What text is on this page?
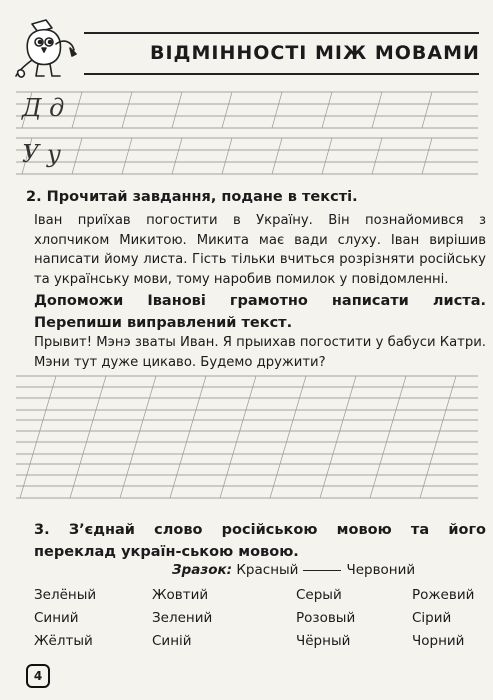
ВІДМІННОСТІ МІЖ МОВАМИ
Д д
У у
2. Прочитай завдання, подане в тексті.
Іван приїхав погостити в Україну. Він познайомився з хлопчиком Микитою. Микита має вади слуху. Іван вирішив написати йому листа. Гість тільки вчиться розрізняти російську та українську мови, тому наробив помилок у повідомленні.
Допоможи Іванові грамотно написати листа. Перепиши виправлений текст.
Прывит! Мэнэ зваты Иван. Я прыихав погостити у бабуси Катри. Мэни тут дуже цикаво. Будемо дружити?
3. З’єднай слово російською мовою та його переклад україн-ською мовою.
Зразок: Красный	Червоний
Зелёный
Синий
Жёлтый
Жовтий
Зелений
Синій
Серый
Розовый
Чёрный
Рожевий
Сірий
Чорний
4
